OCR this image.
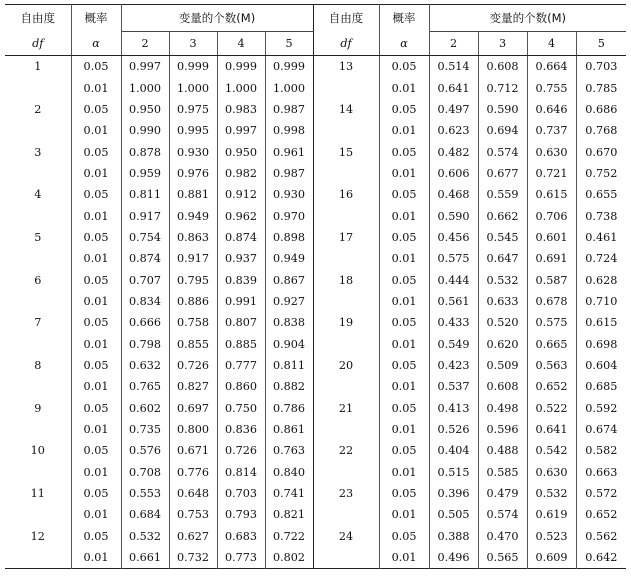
自由度	概率	变量的个数(M)				自由度	概率	变量的个数(M)			
df	α	2	3	4	5	df	α	2	3	4	5
1	0.05	0.997	0.999	0.999	0.999	13	0.05	0.514	0.608	0.664	0.703
	0.01	1.000	1.000	1.000	1.000		0.01	0.641	0.712	0.755	0.785
2	0.05	0.950	0.975	0.983	0.987	14	0.05	0.497	0.590	0.646	0.686
	0.01	0.990	0.995	0.997	0.998		0.01	0.623	0.694	0.737	0.768
3	0.05	0.878	0.930	0.950	0.961	15	0.05	0.482	0.574	0.630	0.670
	0.01	0.959	0.976	0.982	0.987		0.01	0.606	0.677	0.721	0.752
4	0.05	0.811	0.881	0.912	0.930	16	0.05	0.468	0.559	0.615	0.655
	0.01	0.917	0.949	0.962	0.970		0.01	0.590	0.662	0.706	0.738
5	0.05	0.754	0.863	0.874	0.898	17	0.05	0.456	0.545	0.601	0.461
	0.01	0.874	0.917	0.937	0.949		0.01	0.575	0.647	0.691	0.724
6	0.05	0.707	0.795	0.839	0.867	18	0.05	0.444	0.532	0.587	0.628
	0.01	0.834	0.886	0.991	0.927		0.01	0.561	0.633	0.678	0.710
7	0.05	0.666	0.758	0.807	0.838	19	0.05	0.433	0.520	0.575	0.615
	0.01	0.798	0.855	0.885	0.904		0.01	0.549	0.620	0.665	0.698
8	0.05	0.632	0.726	0.777	0.811	20	0.05	0.423	0.509	0.563	0.604
	0.01	0.765	0.827	0.860	0.882		0.01	0.537	0.608	0.652	0.685
9	0.05	0.602	0.697	0.750	0.786	21	0.05	0.413	0.498	0.522	0.592
	0.01	0.735	0.800	0.836	0.861		0.01	0.526	0.596	0.641	0.674
10	0.05	0.576	0.671	0.726	0.763	22	0.05	0.404	0.488	0.542	0.582
	0.01	0.708	0.776	0.814	0.840		0.01	0.515	0.585	0.630	0.663
11	0.05	0.553	0.648	0.703	0.741	23	0.05	0.396	0.479	0.532	0.572
	0.01	0.684	0.753	0.793	0.821		0.01	0.505	0.574	0.619	0.652
12	0.05	0.532	0.627	0.683	0.722	24	0.05	0.388	0.470	0.523	0.562
	0.01	0.661	0.732	0.773	0.802		0.01	0.496	0.565	0.609	0.642
